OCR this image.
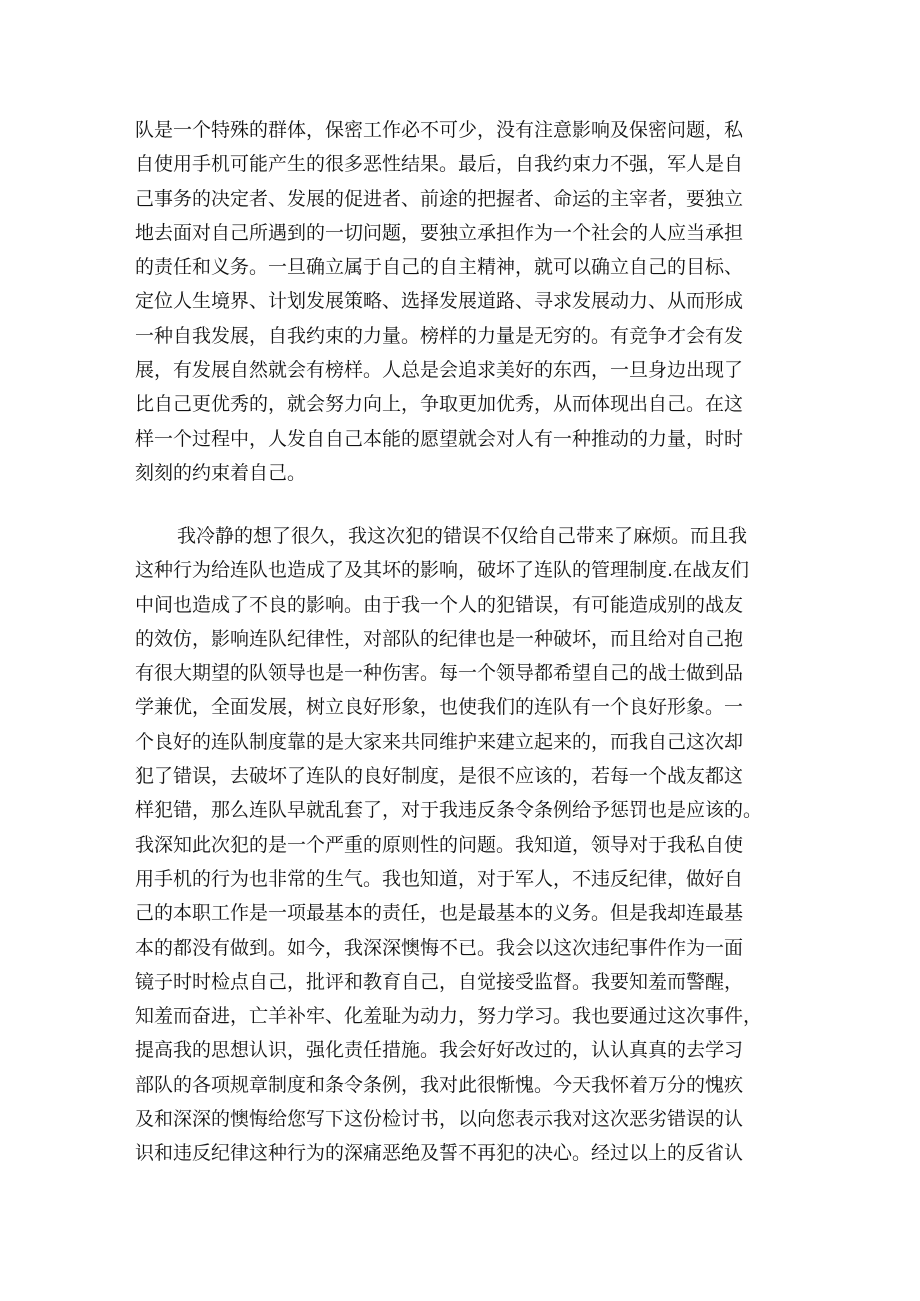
队是一个特殊的群体，保密工作必不可少，没有注意影响及保密问题，私
自使用手机可能产生的很多恶性结果。最后，自我约束力不强，军人是自
己事务的决定者、发展的促进者、前途的把握者、命运的主宰者，要独立
地去面对自己所遇到的一切问题，要独立承担作为一个社会的人应当承担
的责任和义务。一旦确立属于自己的自主精神，就可以确立自己的目标、
定位人生境界、计划发展策略、选择发展道路、寻求发展动力、从而形成
一种自我发展，自我约束的力量。榜样的力量是无穷的。有竞争才会有发
展，有发展自然就会有榜样。人总是会追求美好的东西，一旦身边出现了
比自己更优秀的，就会努力向上，争取更加优秀，从而体现出自己。在这
样一个过程中，人发自自己本能的愿望就会对人有一种推动的力量，时时
刻刻的约束着自己。
我冷静的想了很久，我这次犯的错误不仅给自己带来了麻烦。而且我
这种行为给连队也造成了及其坏的影响，破坏了连队的管理制度.在战友们
中间也造成了不良的影响。由于我一个人的犯错误，有可能造成别的战友
的效仿，影响连队纪律性，对部队的纪律也是一种破坏，而且给对自己抱
有很大期望的队领导也是一种伤害。每一个领导都希望自己的战士做到品
学兼优，全面发展，树立良好形象，也使我们的连队有一个良好形象。一
个良好的连队制度靠的是大家来共同维护来建立起来的，而我自己这次却
犯了错误，去破坏了连队的良好制度，是很不应该的，若每一个战友都这
样犯错，那么连队早就乱套了，对于我违反条令条例给予惩罚也是应该的。
我深知此次犯的是一个严重的原则性的问题。我知道，领导对于我私自使
用手机的行为也非常的生气。我也知道，对于军人，不违反纪律，做好自
己的本职工作是一项最基本的责任，也是最基本的义务。但是我却连最基
本的都没有做到。如今，我深深懊悔不已。我会以这次违纪事件作为一面
镜子时时检点自己，批评和教育自己，自觉接受监督。我要知羞而警醒，
知羞而奋进，亡羊补牢、化羞耻为动力，努力学习。我也要通过这次事件，
提高我的思想认识，强化责任措施。我会好好改过的，认认真真的去学习
部队的各项规章制度和条令条例，我对此很惭愧。今天我怀着万分的愧疚
及和深深的懊悔给您写下这份检讨书，以向您表示我对这次恶劣错误的认
识和违反纪律这种行为的深痛恶绝及誓不再犯的决心。经过以上的反省认
